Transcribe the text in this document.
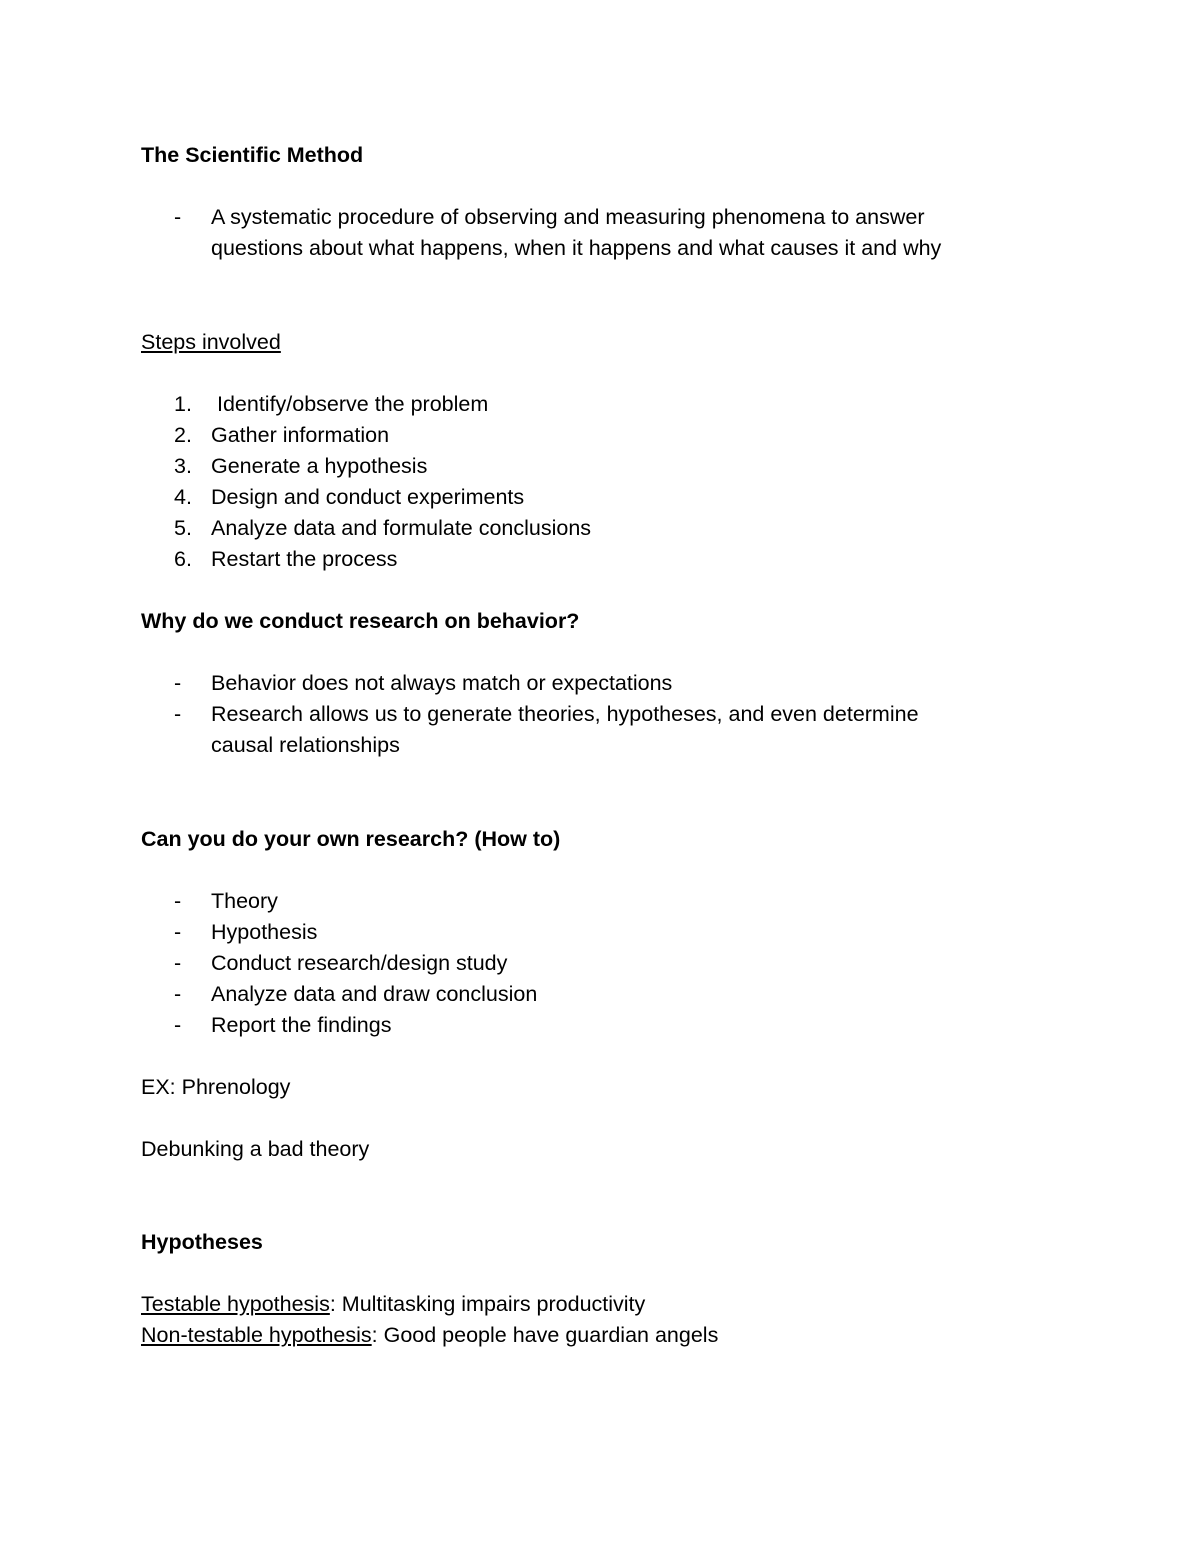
The Scientific Method
- A systematic procedure of observing and measuring phenomena to answer
questions about what happens, when it happens and what causes it and why
Steps involved
1. Identify/observe the problem
2. Gather information
3. Generate a hypothesis
4. Design and conduct experiments
5. Analyze data and formulate conclusions
6. Restart the process
Why do we conduct research on behavior?
- Behavior does not always match or expectations
- Research allows us to generate theories, hypotheses, and even determine
causal relationships
Can you do your own research? (How to)
- Theory
- Hypothesis
- Conduct research/design study
- Analyze data and draw conclusion
- Report the findings
EX: Phrenology
Debunking a bad theory
Hypotheses
Testable hypothesis: Multitasking impairs productivity
Non-testable hypothesis: Good people have guardian angels
